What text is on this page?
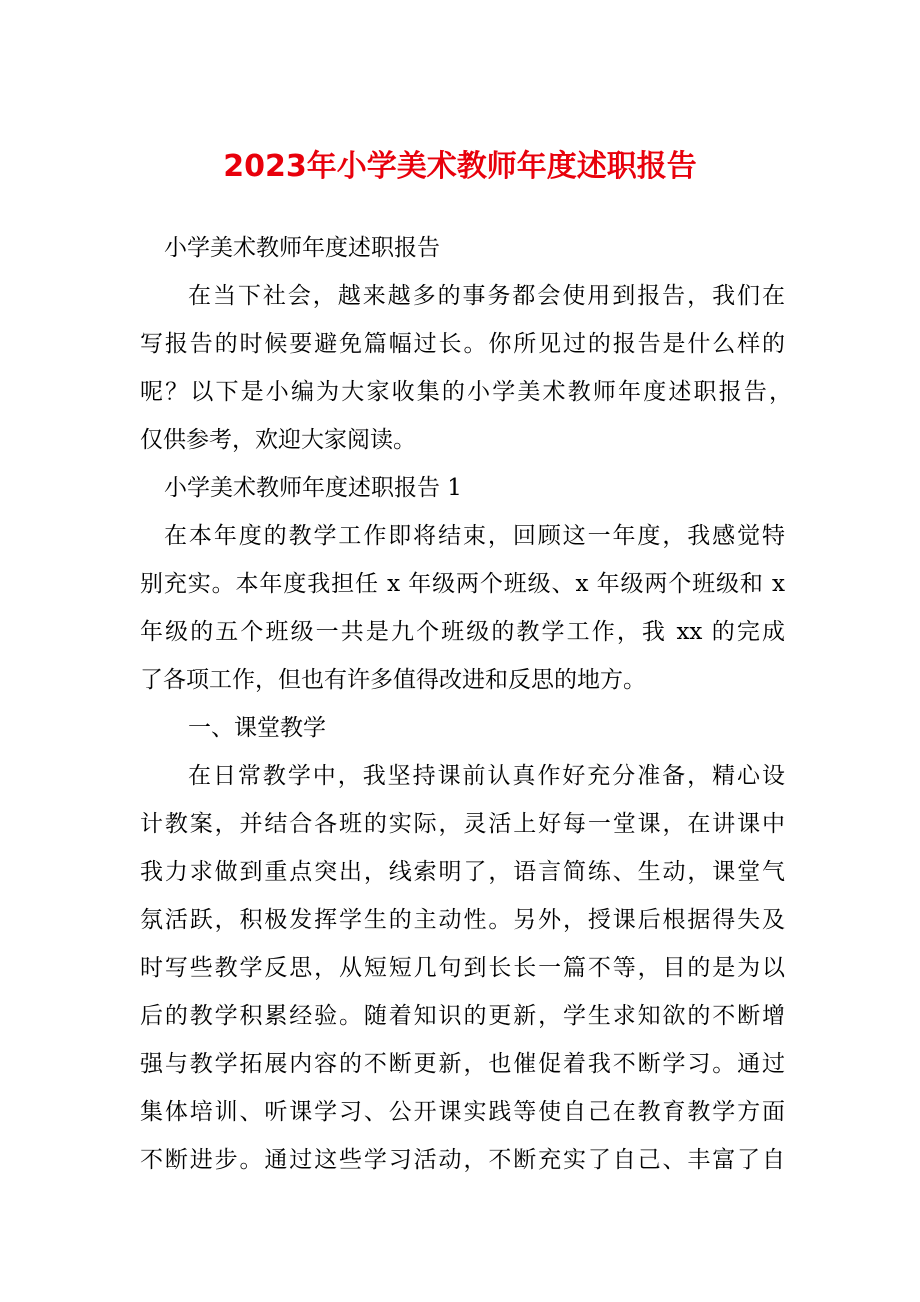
2023年小学美术教师年度述职报告
小学美术教师年度述职报告
在当下社会，越来越多的事务都会使用到报告，我们在
写报告的时候要避免篇幅过长。你所见过的报告是什么样的
呢？以下是小编为大家收集的小学美术教师年度述职报告，
仅供参考，欢迎大家阅读。
小学美术教师年度述职报告 1
在本年度的教学工作即将结束，回顾这一年度，我感觉特
别充实。本年度我担任 x 年级两个班级、x 年级两个班级和 x
年级的五个班级一共是九个班级的教学工作，我 xx 的完成
了各项工作，但也有许多值得改进和反思的地方。
一、课堂教学
在日常教学中，我坚持课前认真作好充分准备，精心设
计教案，并结合各班的实际，灵活上好每一堂课，在讲课中
我力求做到重点突出，线索明了，语言简练、生动，课堂气
氛活跃，积极发挥学生的主动性。另外，授课后根据得失及
时写些教学反思，从短短几句到长长一篇不等，目的是为以
后的教学积累经验。随着知识的更新，学生求知欲的不断增
强与教学拓展内容的不断更新，也催促着我不断学习。通过
集体培训、听课学习、公开课实践等使自己在教育教学方面
不断进步。通过这些学习活动，不断充实了自己、丰富了自
